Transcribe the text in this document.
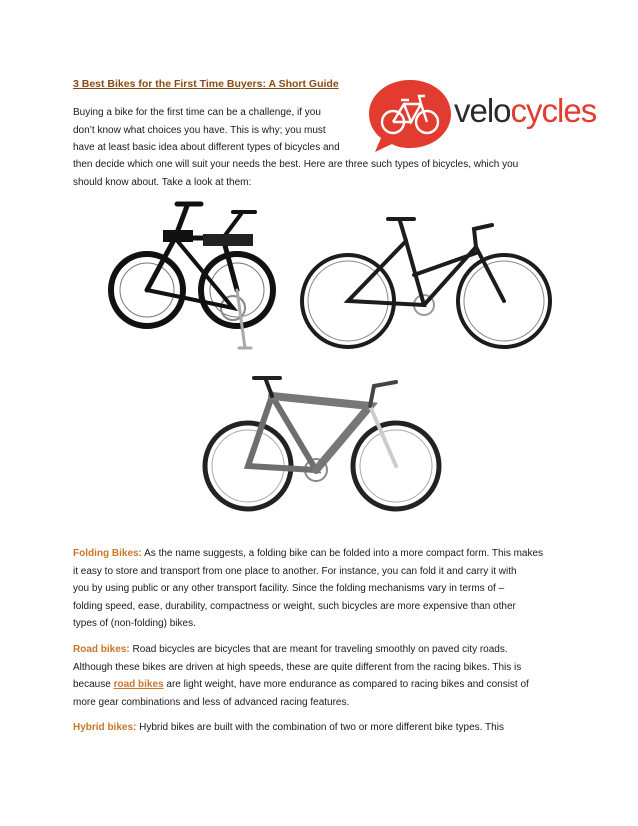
3 Best Bikes for the First Time Buyers: A Short Guide
Buying a bike for the first time can be a challenge, if you
don’t know what choices you have. This is why; you must
have at least basic idea about different types of bicycles and
then decide which one will suit your needs the best. Here are three such types of bicycles, which you
should know about. Take a look at them:
velocycles
Folding Bikes: As the name suggests, a folding bike can be folded into a more compact form. This makes
it easy to store and transport from one place to another. For instance, you can fold it and carry it with
you by using public or any other transport facility. Since the folding mechanisms vary in terms of –
folding speed, ease, durability, compactness or weight, such bicycles are more expensive than other
types of (non-folding) bikes.
Road bikes: Road bicycles are bicycles that are meant for traveling smoothly on paved city roads.
Although these bikes are driven at high speeds, these are quite different from the racing bikes. This is
because road bikes are light weight, have more endurance as compared to racing bikes and consist of
more gear combinations and less of advanced racing features.
Hybrid bikes: Hybrid bikes are built with the combination of two or more different bike types. This
